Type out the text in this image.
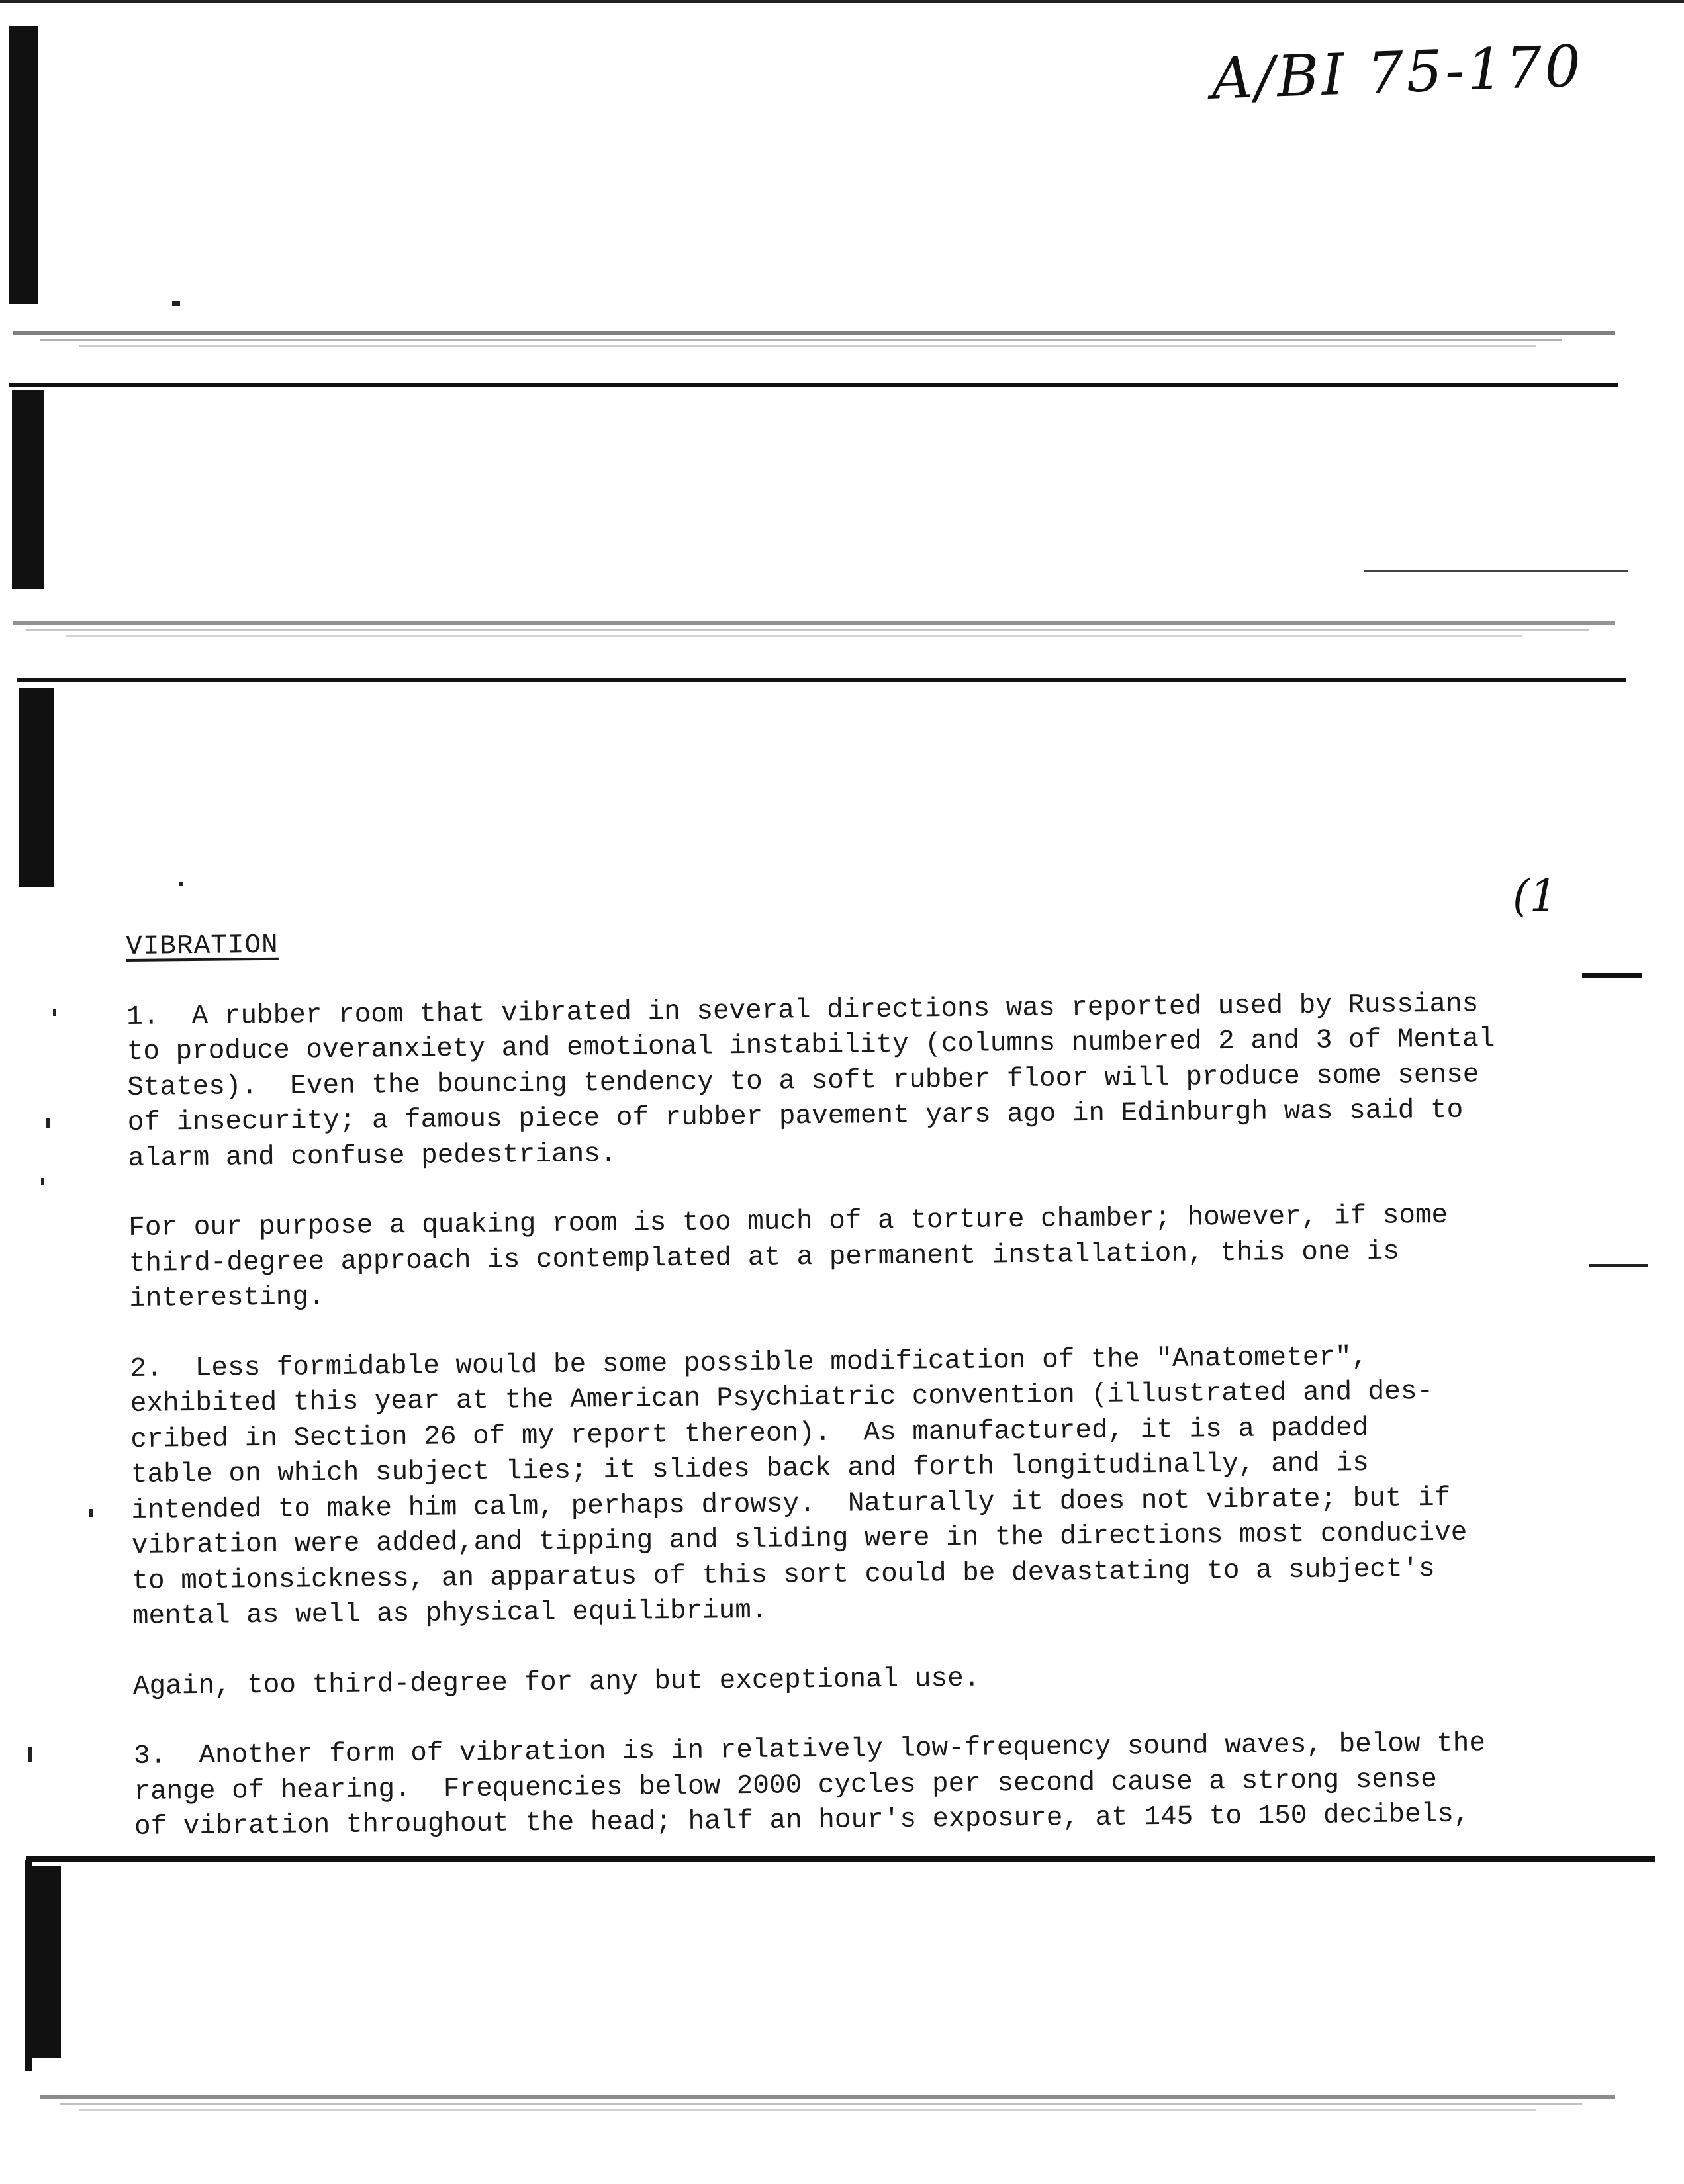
A/BI 75-170
(1
VIBRATION
1.  A rubber room that vibrated in several directions was reported used by Russians
to produce overanxiety and emotional instability (columns numbered 2 and 3 of Mental
States).  Even the bouncing tendency to a soft rubber floor will produce some sense
of insecurity; a famous piece of rubber pavement yars ago in Edinburgh was said to
alarm and confuse pedestrians.
For our purpose a quaking room is too much of a torture chamber; however, if some
third-degree approach is contemplated at a permanent installation, this one is
interesting.
2.  Less formidable would be some possible modification of the "Anatometer",
exhibited this year at the American Psychiatric convention (illustrated and des-
cribed in Section 26 of my report thereon).  As manufactured, it is a padded
table on which subject lies; it slides back and forth longitudinally, and is
intended to make him calm, perhaps drowsy.  Naturally it does not vibrate; but if
vibration were added,and tipping and sliding were in the directions most conducive
to motionsickness, an apparatus of this sort could be devastating to a subject's
mental as well as physical equilibrium.
Again, too third-degree for any but exceptional use.
3.  Another form of vibration is in relatively low-frequency sound waves, below the
range of hearing.  Frequencies below 2000 cycles per second cause a strong sense
of vibration throughout the head; half an hour's exposure, at 145 to 150 decibels,
